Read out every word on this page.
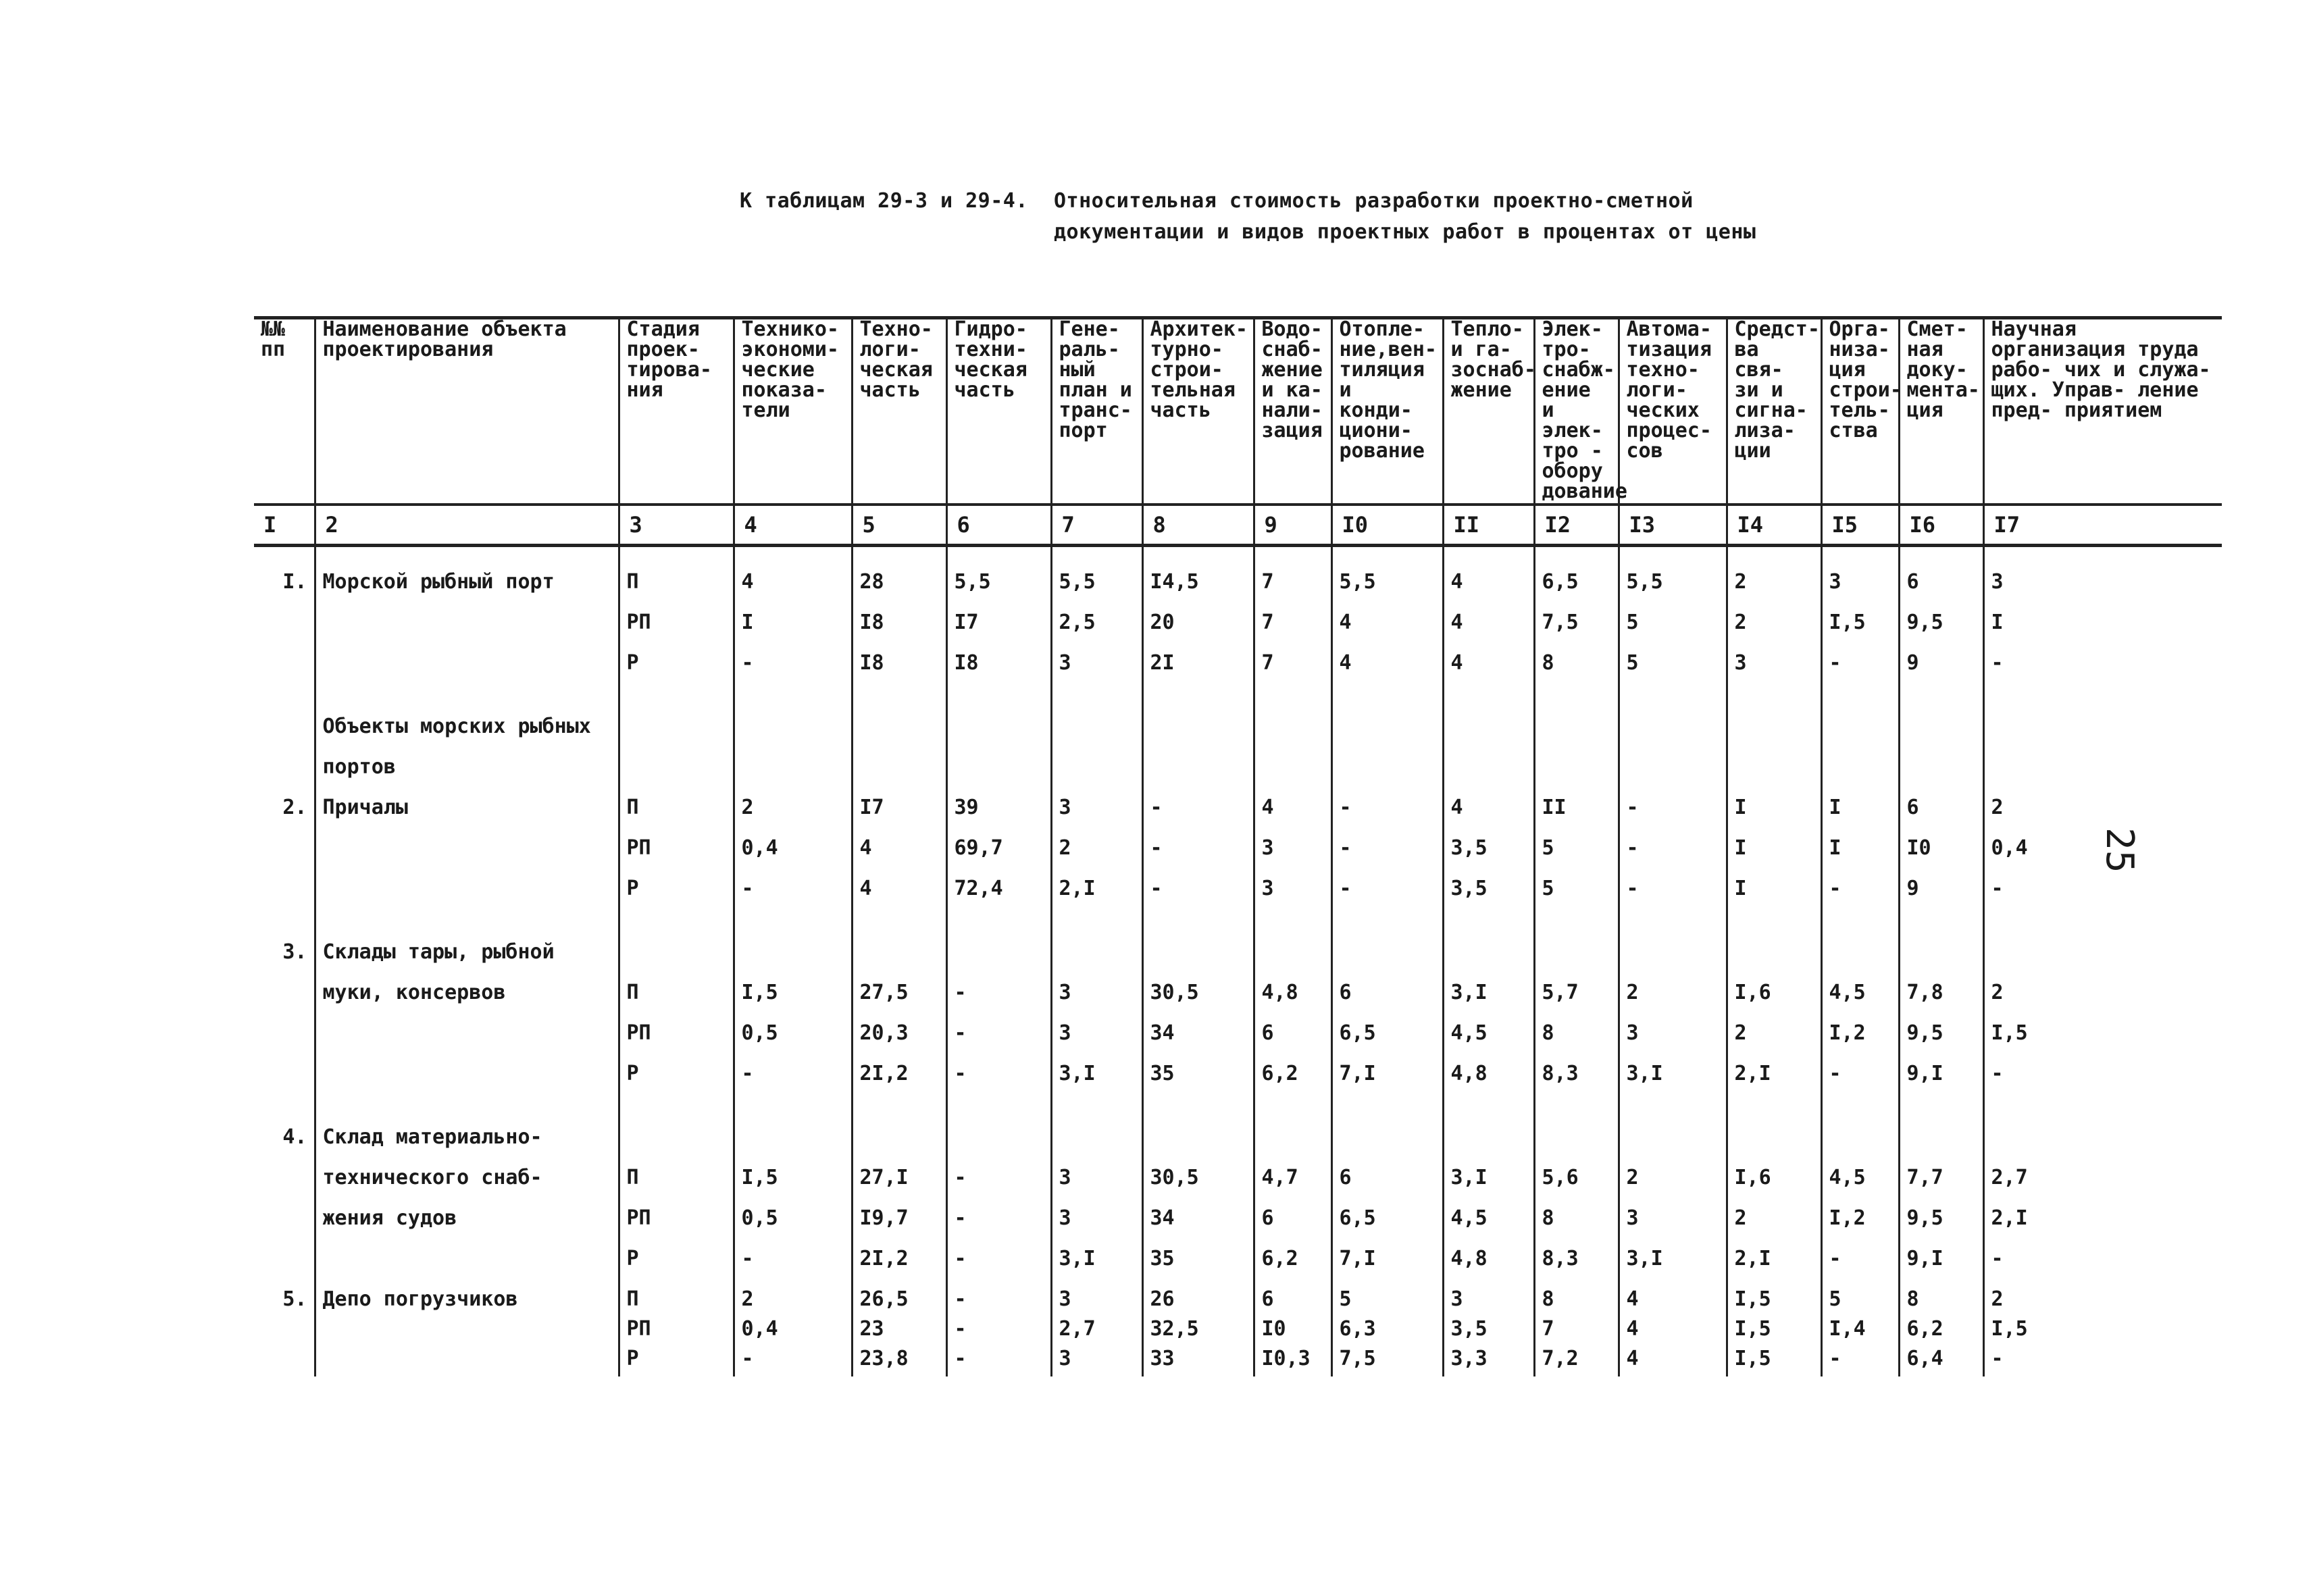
К таблицам 29-3 и 29-4. Относительная стоимость разработки проектно-сметной
документации и видов проектных работ в процентах от цены
25
№№ пп	Наименование объекта проектирования	Стадия проек- тирова- ния	Технико- экономи- ческие показа- тели	Техно- логи- ческая часть	Гидро- техни- ческая часть	Гене- раль- ный план и транс- порт	Архитек- турно- строи- тельная часть	Водо- снаб- жение и ка- нали- зация	Отопле- ние,вен- тиляция и конди- циони- рование	Тепло- и га- зоснаб- жение	Элек- тро- снабж- ение и элек- тро - обору дование	Автома- тизация техно- логи- ческих процес- сов	Средст- ва свя- зи и сигна- лиза- ции	Орга- низа- ция строи- тель- ства	Смет- ная доку- мента- ция	Научная организация труда рабо- чих и служа- щих. Управ- ление пред- приятием
I	2	3	4	5	6	7	8	9	I0	II	I2	I3	I4	I5	I6	I7

I.	Морской рыбный порт	П	4	28	5,5	5,5	I4,5	7	5,5	4	6,5	5,5	2	3	6	3
		РП	I	I8	I7	2,5	20	7	4	4	7,5	5	2	I,5	9,5	I
		Р	-	I8	I8	3	2I	7	4	4	8	5	3	-	9	-

	Объекты морских рыбных															
	портов															
2.	Причалы	П	2	I7	39	3	-	4	-	4	II	-	I	I	6	2
		РП	0,4	4	69,7	2	-	3	-	3,5	5	-	I	I	I0	0,4
		Р	-	4	72,4	2,I	-	3	-	3,5	5	-	I	-	9	-

3.	Склады тары, рыбной															
	муки, консервов	П	I,5	27,5	-	3	30,5	4,8	6	3,I	5,7	2	I,6	4,5	7,8	2
		РП	0,5	20,3	-	3	34	6	6,5	4,5	8	3	2	I,2	9,5	I,5
		Р	-	2I,2	-	3,I	35	6,2	7,I	4,8	8,3	3,I	2,I	-	9,I	-

4.	Склад материально-															
	технического снаб-	П	I,5	27,I	-	3	30,5	4,7	6	3,I	5,6	2	I,6	4,5	7,7	2,7
	жения судов	РП	0,5	I9,7	-	3	34	6	6,5	4,5	8	3	2	I,2	9,5	2,I
		Р	-	2I,2	-	3,I	35	6,2	7,I	4,8	8,3	3,I	2,I	-	9,I	-
5.	Депо погрузчиков	П	2	26,5	-	3	26	6	5	3	8	4	I,5	5	8	2
		РП	0,4	23	-	2,7	32,5	I0	6,3	3,5	7	4	I,5	I,4	6,2	I,5
		Р	-	23,8	-	3	33	I0,3	7,5	3,3	7,2	4	I,5	-	6,4	-
